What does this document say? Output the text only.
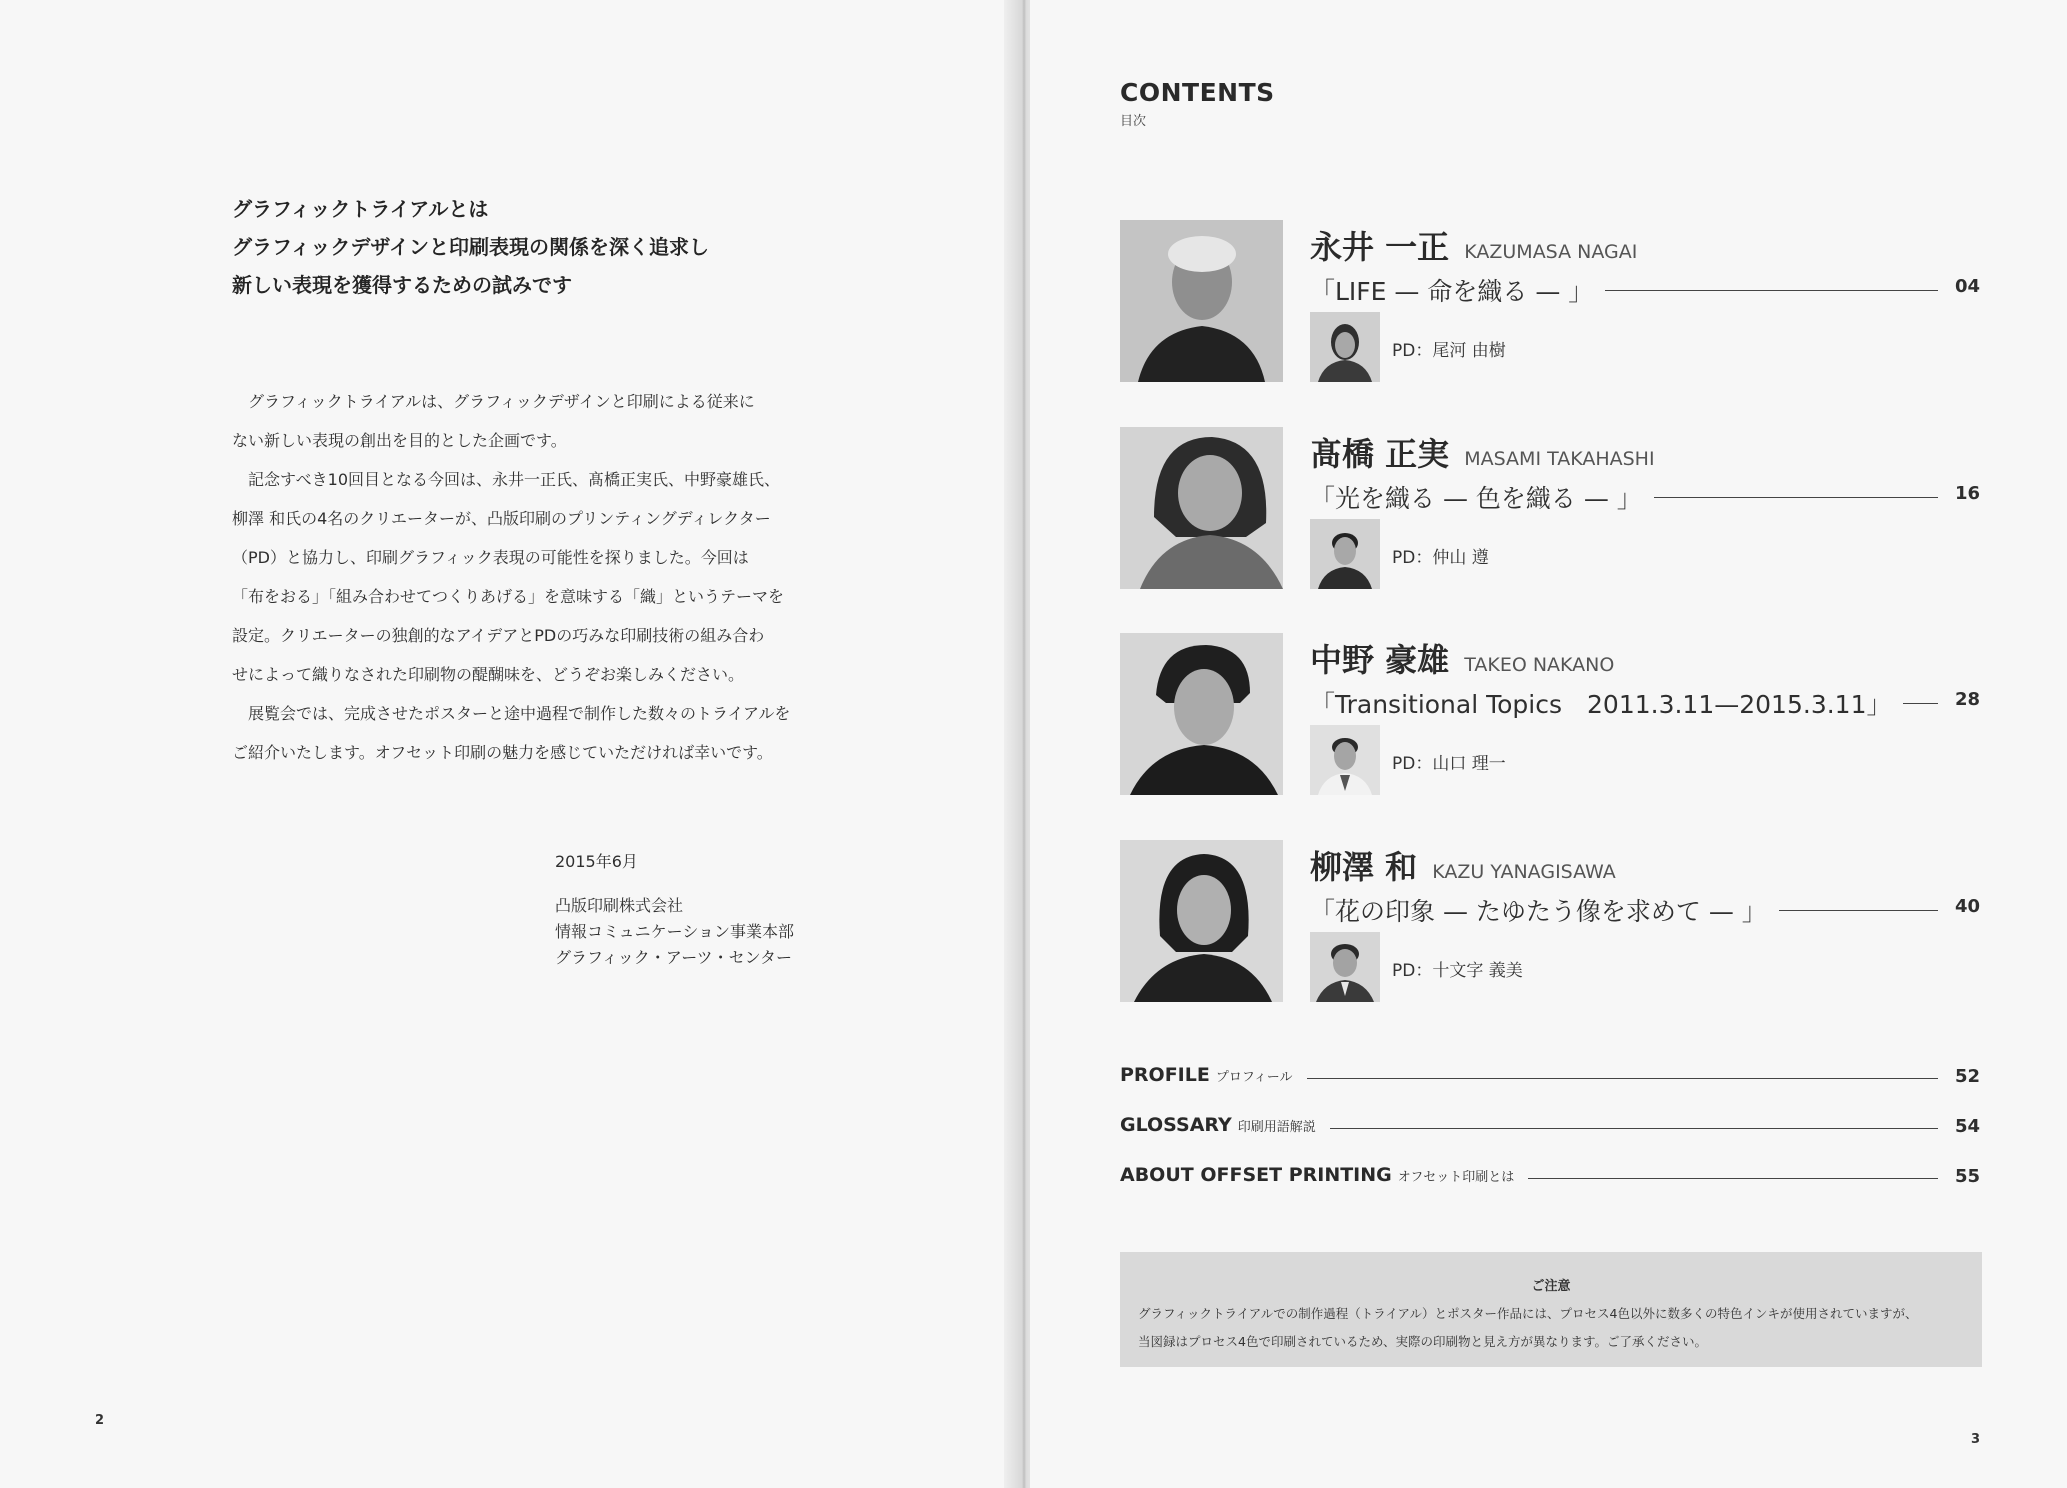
グラフィックトライアルとは
グラフィックデザインと印刷表現の関係を深く追求し
新しい表現を獲得するための試みです
　グラフィックトライアルは、グラフィックデザインと印刷による従来に
ない新しい表現の創出を目的とした企画です。
　記念すべき10回目となる今回は、永井一正氏、髙橋正実氏、中野豪雄氏、
柳澤 和氏の4名のクリエーターが、凸版印刷のプリンティングディレクター
（PD）と協力し、印刷グラフィック表現の可能性を探りました。今回は
「布をおる」「組み合わせてつくりあげる」を意味する「織」というテーマを
設定。クリエーターの独創的なアイデアとPDの巧みな印刷技術の組み合わ
せによって織りなされた印刷物の醍醐味を、どうぞお楽しみください。
　展覧会では、完成させたポスターと途中過程で制作した数々のトライアルを
ご紹介いたします。オフセット印刷の魅力を感じていただければ幸いです。
2015年6月
凸版印刷株式会社
情報コミュニケーション事業本部
グラフィック・アーツ・センター
2
CONTENTS
目次
永井 一正 KAZUMASA NAGAI
「LIFE — 命を織る — 」	04
PD：尾河 由樹
髙橋 正実 MASAMI TAKAHASHI
「光を織る — 色を織る — 」	16
PD：仲山 遵
中野 豪雄 TAKEO NAKANO
「Transitional Topics　2011.3.11—2015.3.11」	28
PD：山口 理一
柳澤 和 KAZU YANAGISAWA
「花の印象 — たゆたう像を求めて — 」	40
PD：十文字 義美
PROFILE プロフィール	52
GLOSSARY 印刷用語解説	54
ABOUT OFFSET PRINTING オフセット印刷とは	55
ご注意
グラフィックトライアルでの制作過程（トライアル）とポスター作品には、プロセス4色以外に数多くの特色インキが使用されていますが、
当図録はプロセス4色で印刷されているため、実際の印刷物と見え方が異なります。ご了承ください。
3
